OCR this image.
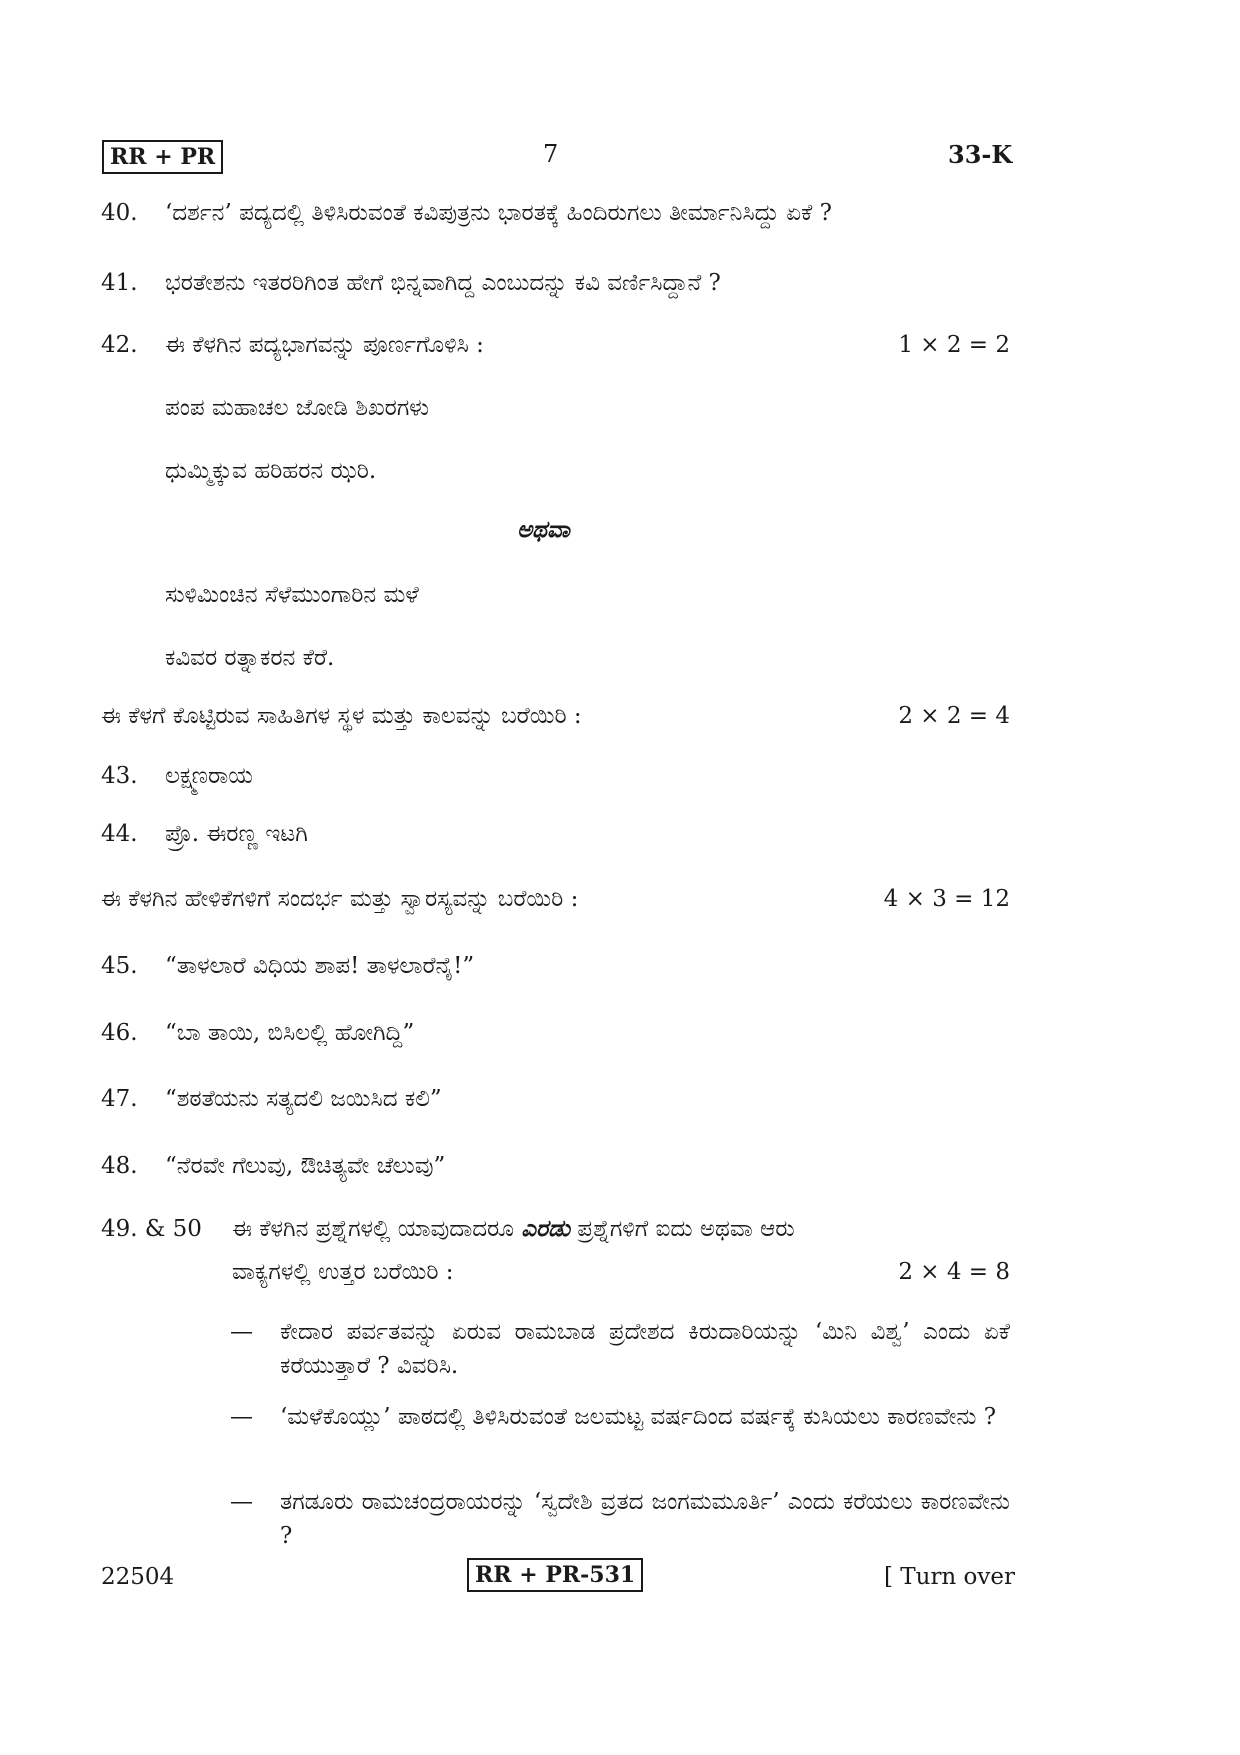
RR + PR	7	33-K
40. ‘ದರ್ಶನ’ ಪದ್ಯದಲ್ಲಿ ತಿಳಿಸಿರುವಂತೆ ಕವಿಪುತ್ರನು ಭಾರತಕ್ಕೆ ಹಿಂದಿರುಗಲು ತೀರ್ಮಾನಿಸಿದ್ದು ಏಕೆ ?
41. ಭರತೇಶನು ಇತರರಿಗಿಂತ ಹೇಗೆ ಭಿನ್ನವಾಗಿದ್ದ ಎಂಬುದನ್ನು ಕವಿ ವರ್ಣಿಸಿದ್ದಾನೆ ?
42. ಈ ಕೆಳಗಿನ ಪದ್ಯಭಾಗವನ್ನು ಪೂರ್ಣಗೊಳಿಸಿ :	1 × 2 = 2
ಪಂಪ ಮಹಾಚಲ ಜೋಡಿ ಶಿಖರಗಳು
ಧುಮ್ಮಿಕ್ಕುವ ಹರಿಹರನ ಝರಿ.
ಅಥವಾ
ಸುಳಿಮಿಂಚಿನ ಸೆಳೆಮುಂಗಾರಿನ ಮಳೆ
ಕವಿವರ ರತ್ನಾಕರನ ಕೆರೆ.
ಈ ಕೆಳಗೆ ಕೊಟ್ಟಿರುವ ಸಾಹಿತಿಗಳ ಸ್ಥಳ ಮತ್ತು ಕಾಲವನ್ನು ಬರೆಯಿರಿ :	2 × 2 = 4
43. ಲಕ್ಷ್ಮಣರಾಯ
44. ಪ್ರೊ. ಈರಣ್ಣ ಇಟಗಿ
ಈ ಕೆಳಗಿನ ಹೇಳಿಕೆಗಳಿಗೆ ಸಂದರ್ಭ ಮತ್ತು ಸ್ವಾರಸ್ಯವನ್ನು ಬರೆಯಿರಿ :	4 × 3 = 12
45. “ತಾಳಲಾರೆ ವಿಧಿಯ ಶಾಪ! ತಾಳಲಾರೆನೈ!”
46. “ಬಾ ತಾಯಿ, ಬಿಸಿಲಲ್ಲಿ ಹೋಗಿದ್ದಿ”
47. “ಶಠತೆಯನು ಸತ್ಯದಲಿ ಜಯಿಸಿದ ಕಲಿ”
48. “ನೆರವೇ ಗೆಲುವು, ಔಚಿತ್ಯವೇ ಚೆಲುವು”
49. & 50 ಈ ಕೆಳಗಿನ ಪ್ರಶ್ನೆಗಳಲ್ಲಿ ಯಾವುದಾದರೂ ಎರಡು ಪ್ರಶ್ನೆಗಳಿಗೆ ಐದು ಅಥವಾ ಆರು
ವಾಕ್ಯಗಳಲ್ಲಿ ಉತ್ತರ ಬರೆಯಿರಿ :	2 × 4 = 8
— ಕೇದಾರ ಪರ್ವತವನ್ನು ಏರುವ ರಾಮಬಾಡ ಪ್ರದೇಶದ ಕಿರುದಾರಿಯನ್ನು ‘ಮಿನಿ ವಿಶ್ವ’ ಎಂದು ಏಕೆ ಕರೆಯುತ್ತಾರೆ ? ವಿವರಿಸಿ.
— ‘ಮಳೆಕೊಯ್ಲು’ ಪಾಠದಲ್ಲಿ ತಿಳಿಸಿರುವಂತೆ ಜಲಮಟ್ಟ ವರ್ಷದಿಂದ ವರ್ಷಕ್ಕೆ ಕುಸಿಯಲು ಕಾರಣವೇನು ?
— ತಗಡೂರು ರಾಮಚಂದ್ರರಾಯರನ್ನು ‘ಸ್ವದೇಶಿ ವ್ರತದ ಜಂಗಮಮೂರ್ತಿ’ ಎಂದು ಕರೆಯಲು ಕಾರಣವೇನು ?
22504	RR + PR-531	[ Turn over
